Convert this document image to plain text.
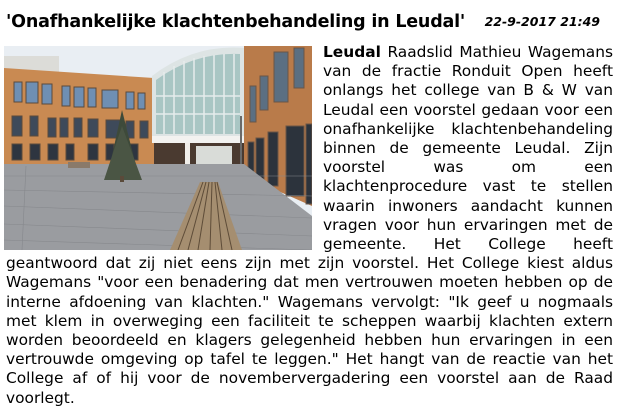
'Onafhankelijke klachtenbehandeling in Leudal' 22-9-2017 21:49
Leudal Raadslid Mathieu Wagemans van de fractie Ronduit Open heeft onlangs het college van B & W van Leudal een voorstel gedaan voor een onafhankelijke klachtenbehandeling binnen de gemeente Leudal. Zijn voorstel was om een klachtenprocedure vast te stellen waarin inwoners aandacht kunnen vragen voor hun ervaringen met de gemeente. Het College heeft geantwoord dat zij niet eens zijn met zijn voorstel. Het College kiest aldus Wagemans "voor een benadering dat men vertrouwen moeten hebben op de interne afdoening van klachten." Wagemans vervolgt: "Ik geef u nogmaals met klem in overweging een faciliteit te scheppen waarbij klachten extern worden beoordeeld en klagers gelegenheid hebben hun ervaringen in een vertrouwde omgeving op tafel te leggen." Het hangt van de reactie van het College af of hij voor de novembervergadering een voorstel aan de Raad voorlegt.
